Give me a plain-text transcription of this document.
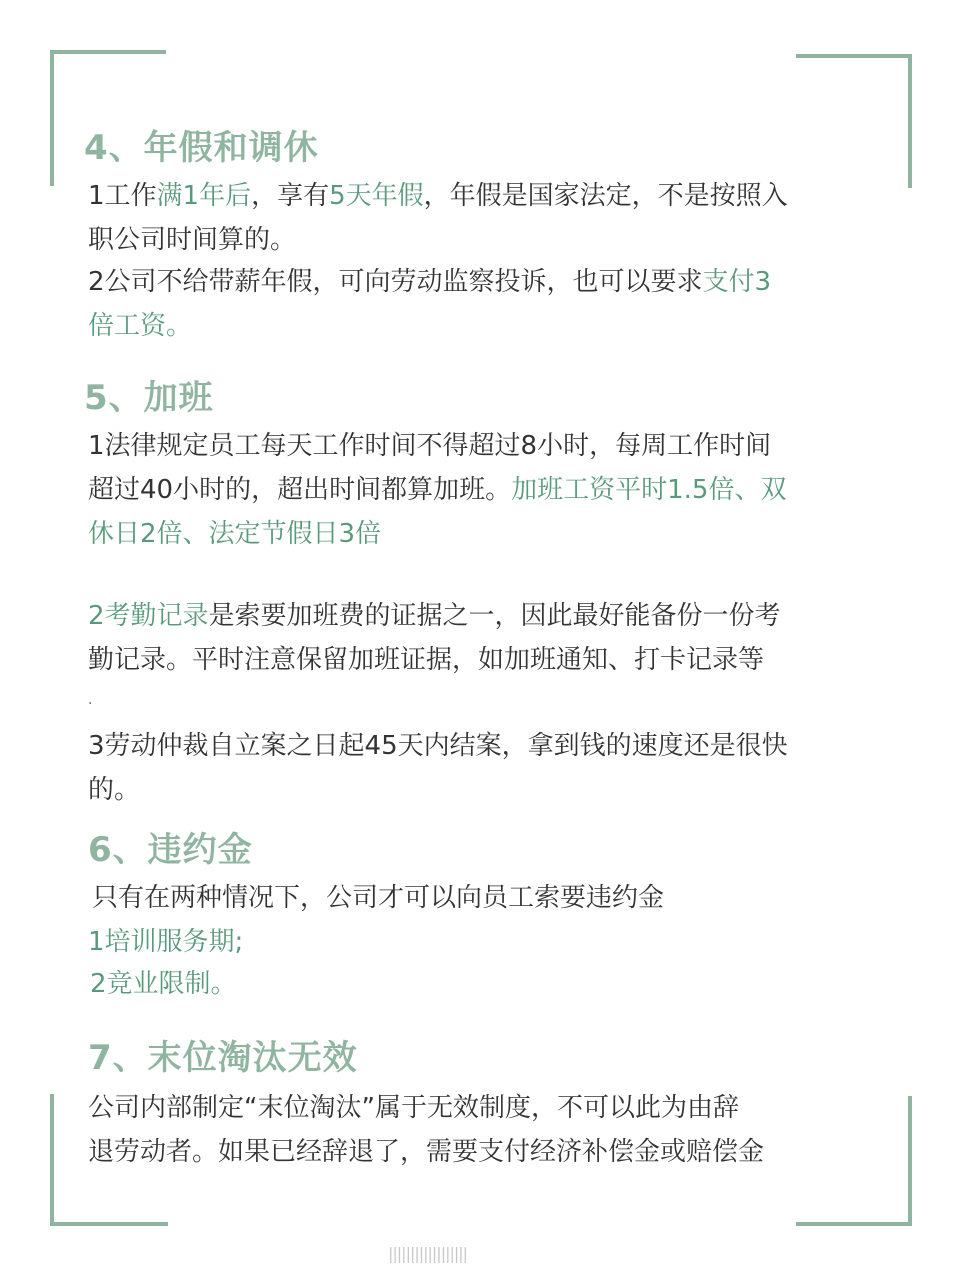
4、年假和调休
1工作满1年后，享有5天年假，年假是国家法定，不是按照入
职公司时间算的。
2公司不给带薪年假，可向劳动监察投诉，也可以要求支付3
倍工资。
5、加班
1法律规定员工每天工作时间不得超过8小时，每周工作时间
超过40小时的，超出时间都算加班。加班工资平时1.5倍、双
休日2倍、法定节假日3倍
2考勤记录是索要加班费的证据之一，因此最好能备份一份考
勤记录。平时注意保留加班证据，如加班通知、打卡记录等
.
3劳动仲裁自立案之日起45天内结案，拿到钱的速度还是很快
的。
6、违约金
只有在两种情况下，公司才可以向员工索要违约金
1培训服务期;
2竞业限制。
7、末位淘汰无效
公司内部制定“末位淘汰”属于无效制度，不可以此为由辞
退劳动者。如果已经辞退了，需要支付经济补偿金或赔偿金
||||||||||||||||||
